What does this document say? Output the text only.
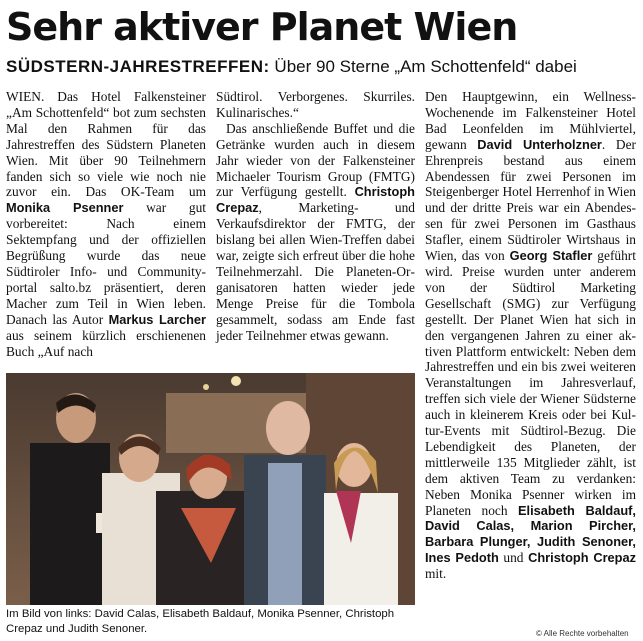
Sehr aktiver Planet Wien
SÜDSTERN-JAHRESTREFFEN: Über 90 Sterne „Am Schottenfeld“ dabei

WIEN. Das Hotel Falkensteiner „Am Schottenfeld“ bot zum sechsten Mal den Rahmen für das Jahrestreffen des Südstern Planeten Wien. Mit über 90 Teilnehmern fanden sich so viele wie noch nie zuvor ein. Das OK-Team um Monika Psenner war gut vorbereitet: Nach einem Sektempfang und der offiziellen Begrüßung wurde das neue Südtiroler Info- und Community-portal salto.bz präsentiert, deren Macher zum Teil in Wien leben. Danach las Autor Markus Larcher aus seinem kürzlich erschienenen Buch „Auf nach

Südtirol. Verborgenes. Skurriles. Kulinarisches.“

Das anschließende Buffet und die Getränke wurden auch in diesem Jahr wieder von der Falkensteiner Michaeler Tourism Group (FMTG) zur Verfügung gestellt. Christoph Crepaz, Marketing- und Verkaufsdirektor der FMTG, der bislang bei allen Wien-Treffen dabei war, zeigte sich erfreut über die hohe Teilnehmerzahl. Die Planeten-Organisatoren hatten wieder jede Menge Preise für die Tombola gesammelt, sodass am Ende fast jeder Teilnehmer etwas gewann.

Den Hauptgewinn, ein Wellness-Wochenende im Falkensteiner Hotel Bad Leonfelden im Mühlviertel, gewann David Unterholzner. Der Ehrenpreis bestand aus einem Abendessen für zwei Personen im Steigenberger Hotel Herrenhof in Wien und der dritte Preis war ein Abendessen für zwei Personen im Gasthaus Stafler, einem Südtiroler Wirtshaus in Wien, das von Georg Stafler geführt wird. Preise wurden unter anderem von der Südtirol Marketing Gesellschaft (SMG) zur Verfügung gestellt. Der Planet Wien hat sich in den vergangenen Jahren zu einer aktiven Plattform entwickelt: Neben dem Jahrestreffen und ein bis zwei weiteren Veranstaltungen im Jahresverlauf, treffen sich viele der Wiener Südsterne auch in kleinerem Kreis oder bei Kultur-Events mit Südtirol-Bezug. Die Lebendigkeit des Planeten, der mittlerweile 135 Mitglieder zählt, ist dem aktiven Team zu verdanken: Neben Monika Psenner wirken im Planeten noch Elisabeth Baldauf, David Calas, Marion Pircher, Barbara Plunger, Judith Senoner, Ines Pedoth und Christoph Crepaz mit.

Im Bild von links: David Calas, Elisabeth Baldauf, Monika Psenner, Christoph Crepaz und Judith Senoner.	© Alle Rechte vorbehalten
